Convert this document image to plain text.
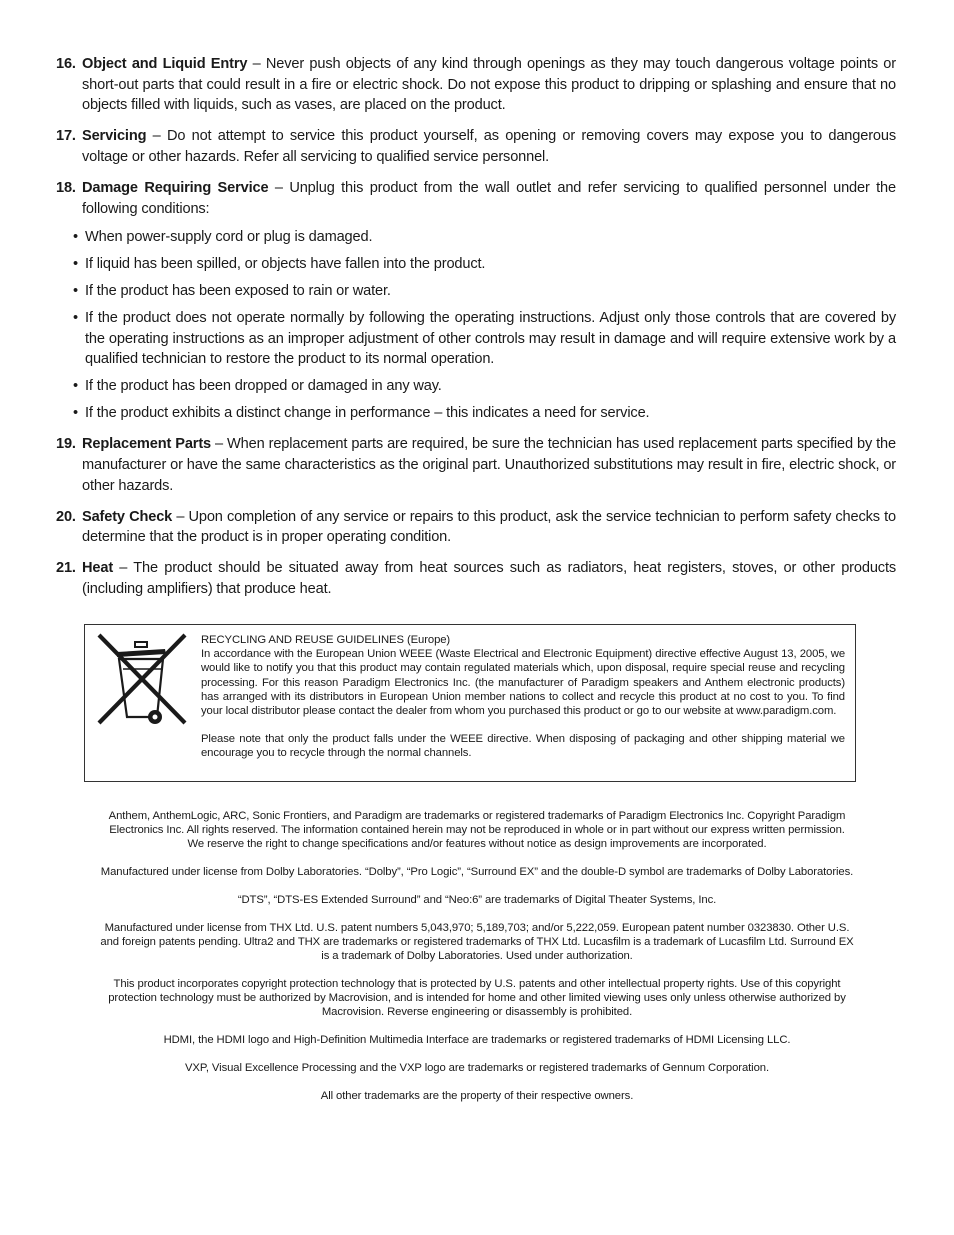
16. Object and Liquid Entry – Never push objects of any kind through openings as they may touch dangerous voltage points or short-out parts that could result in a fire or electric shock. Do not expose this product to dripping or splashing and ensure that no objects filled with liquids, such as vases, are placed on the product.
17. Servicing – Do not attempt to service this product yourself, as opening or removing covers may expose you to dangerous voltage or other hazards. Refer all servicing to qualified service personnel.
18. Damage Requiring Service – Unplug this product from the wall outlet and refer servicing to qualified personnel under the following conditions:
• When power-supply cord or plug is damaged.
• If liquid has been spilled, or objects have fallen into the product.
• If the product has been exposed to rain or water.
• If the product does not operate normally by following the operating instructions. Adjust only those controls that are covered by the operating instructions as an improper adjustment of other controls may result in damage and will require extensive work by a qualified technician to restore the product to its normal operation.
• If the product has been dropped or damaged in any way.
• If the product exhibits a distinct change in performance – this indicates a need for service.
19. Replacement Parts – When replacement parts are required, be sure the technician has used replacement parts specified by the manufacturer or have the same characteristics as the original part. Unauthorized substitutions may result in fire, electric shock, or other hazards.
20. Safety Check – Upon completion of any service or repairs to this product, ask the service technician to perform safety checks to determine that the product is in proper operating condition.
21. Heat – The product should be situated away from heat sources such as radiators, heat registers, stoves, or other products (including amplifiers) that produce heat.

RECYCLING AND REUSE GUIDELINES (Europe)

In accordance with the European Union WEEE (Waste Electrical and Electronic Equipment) directive effective August 13, 2005, we would like to notify you that this product may contain regulated materials which, upon disposal, require special reuse and recycling processing. For this reason Paradigm Electronics Inc. (the manufacturer of Paradigm speakers and Anthem electronic products) has arranged with its distributors in European Union member nations to collect and recycle this product at no cost to you. To find your local distributor please contact the dealer from whom you purchased this product or go to our website at www.paradigm.com.

Please note that only the product falls under the WEEE directive. When disposing of packaging and other shipping material we encourage you to recycle through the normal channels.

Anthem, AnthemLogic, ARC, Sonic Frontiers, and Paradigm are trademarks or registered trademarks of Paradigm Electronics Inc. Copyright Paradigm Electronics Inc. All rights reserved. The information contained herein may not be reproduced in whole or in part without our express written permission. We reserve the right to change specifications and/or features without notice as design improvements are incorporated.

Manufactured under license from Dolby Laboratories. “Dolby”, “Pro Logic”, “Surround EX” and the double-D symbol are trademarks of Dolby Laboratories.

“DTS”, “DTS-ES Extended Surround” and “Neo:6” are trademarks of Digital Theater Systems, Inc.

Manufactured under license from THX Ltd. U.S. patent numbers 5,043,970; 5,189,703; and/or 5,222,059. European patent number 0323830. Other U.S. and foreign patents pending. Ultra2 and THX are trademarks or registered trademarks of THX Ltd. Lucasfilm is a trademark of Lucasfilm Ltd. Surround EX is a trademark of Dolby Laboratories. Used under authorization.

This product incorporates copyright protection technology that is protected by U.S. patents and other intellectual property rights. Use of this copyright protection technology must be authorized by Macrovision, and is intended for home and other limited viewing uses only unless otherwise authorized by Macrovision. Reverse engineering or disassembly is prohibited.

HDMI, the HDMI logo and High-Definition Multimedia Interface are trademarks or registered trademarks of HDMI Licensing LLC.

VXP, Visual Excellence Processing and the VXP logo are trademarks or registered trademarks of Gennum Corporation.

All other trademarks are the property of their respective owners.
